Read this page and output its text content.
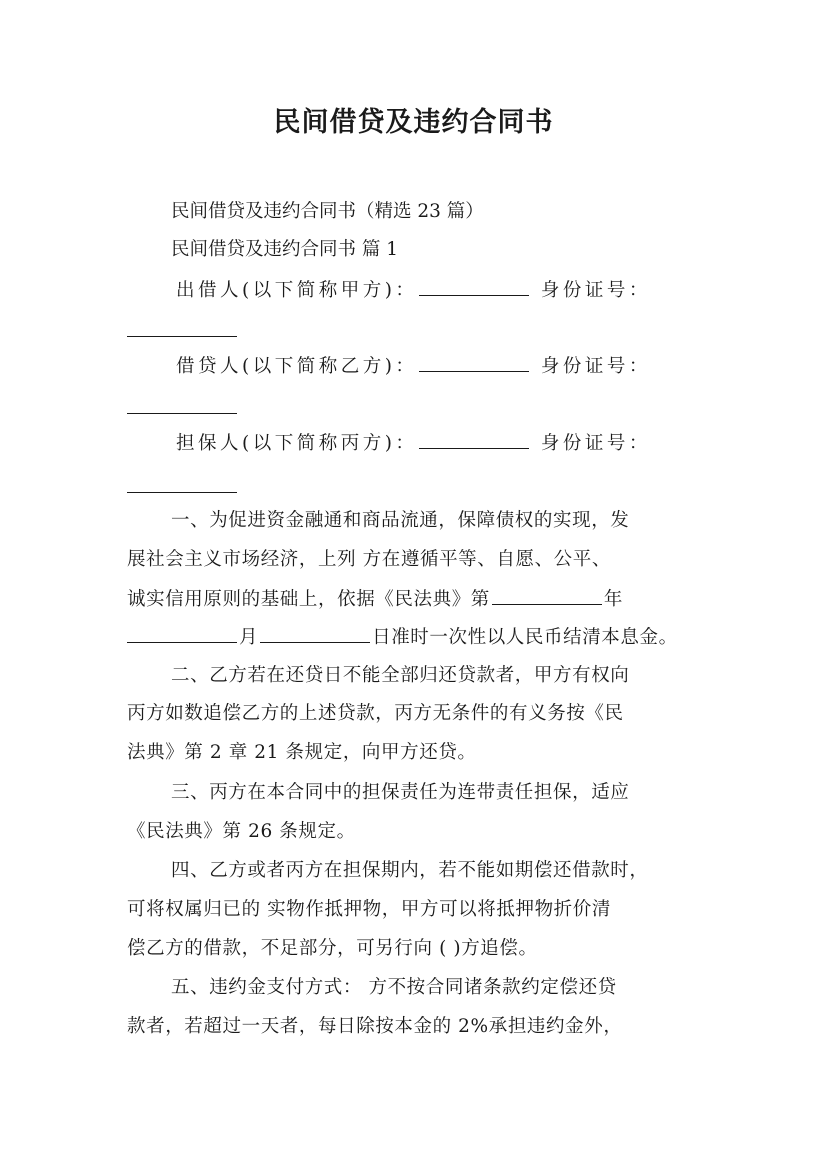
民间借贷及违约合同书
民间借贷及违约合同书（精选 23 篇）
民间借贷及违约合同书 篇 1
出借人(以下简称甲方)：	身份证号：
借贷人(以下简称乙方)：	身份证号：
担保人(以下简称丙方)：	身份证号：
一、为促进资金融通和商品流通，保障债权的实现，发
展社会主义市场经济，上列 方在遵循平等、自愿、公平、
诚实信用原则的基础上，依据《民法典》第	年
月	日准时一次性以人民币结清本息金。
二、乙方若在还贷日不能全部归还贷款者，甲方有权向
丙方如数追偿乙方的上述贷款，丙方无条件的有义务按《民
法典》第 2 章 21 条规定，向甲方还贷。
三、丙方在本合同中的担保责任为连带责任担保，适应
《民法典》第 26 条规定。
四、乙方或者丙方在担保期内，若不能如期偿还借款时，
可将权属归已的 实物作抵押物，甲方可以将抵押物折价清
偿乙方的借款，不足部分，可另行向 ( )方追偿。
五、违约金支付方式： 方不按合同诸条款约定偿还贷
款者，若超过一天者，每日除按本金的 2%承担违约金外，
